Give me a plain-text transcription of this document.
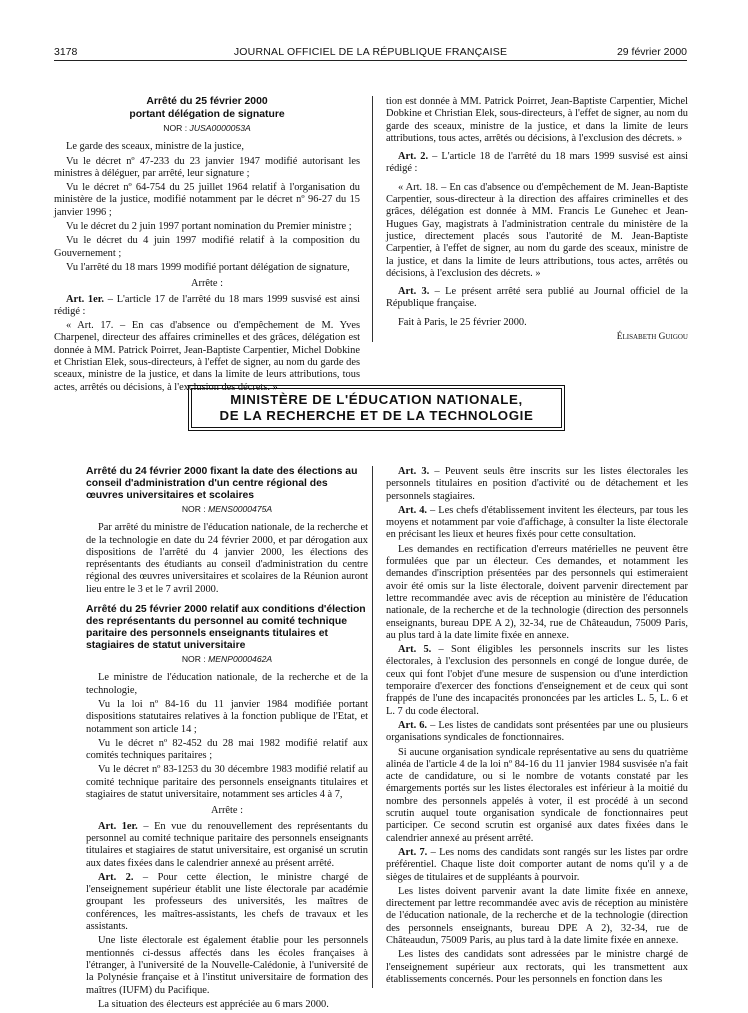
3178	JOURNAL OFFICIEL DE LA RÉPUBLIQUE FRANÇAISE	29 février 2000
Arrêté du 25 février 2000
portant délégation de signature
NOR : JUSA0000053A

Le garde des sceaux, ministre de la justice,

Vu le décret nº 47-233 du 23 janvier 1947 modifié autorisant les ministres à déléguer, par arrêté, leur signature ;

Vu le décret nº 64-754 du 25 juillet 1964 relatif à l'organisation du ministère de la justice, modifié notamment par le décret nº 96-27 du 15 janvier 1996 ;

Vu le décret du 2 juin 1997 portant nomination du Premier ministre ;

Vu le décret du 4 juin 1997 modifié relatif à la composition du Gouvernement ;

Vu l'arrêté du 18 mars 1999 modifié portant délégation de signature,

Arrête :

Art. 1er. – L'article 17 de l'arrêté du 18 mars 1999 susvisé est ainsi rédigé :

« Art. 17. – En cas d'absence ou d'empêchement de M. Yves Charpenel, directeur des affaires criminelles et des grâces, délégation est donnée à MM. Patrick Poirret, Jean-Baptiste Carpentier, Michel Dobkine et Christian Elek, sous-directeurs, à l'effet de signer, au nom du garde des sceaux, ministre de la justice, et dans la limite de leurs attributions, tous actes, arrêtés ou décisions, à l'exclusion des décrets. »

tion est donnée à MM. Patrick Poirret, Jean-Baptiste Carpentier, Michel Dobkine et Christian Elek, sous-directeurs, à l'effet de signer, au nom du garde des sceaux, ministre de la justice, et dans la limite de leurs attributions, tous actes, arrêtés ou décisions, à l'exclusion des décrets. »

Art. 2. – L'article 18 de l'arrêté du 18 mars 1999 susvisé est ainsi rédigé :

« Art. 18. – En cas d'absence ou d'empêchement de M. Jean-Baptiste Carpentier, sous-directeur à la direction des affaires criminelles et des grâces, délégation est donnée à MM. Francis Le Gunehec et Jean-Hugues Gay, magistrats à l'administration centrale du ministère de la justice, directement placés sous l'autorité de M. Jean-Baptiste Carpentier, à l'effet de signer, au nom du garde des sceaux, ministre de la justice, et dans la limite de leurs attributions, tous actes, arrêtés ou décisions, à l'exclusion des décrets. »

Art. 3. – Le présent arrêté sera publié au Journal officiel de la République française.

Fait à Paris, le 25 février 2000.

Élisabeth Guigou

MINISTÈRE DE L'ÉDUCATION NATIONALE,
DE LA RECHERCHE ET DE LA TECHNOLOGIE
Arrêté du 24 février 2000 fixant la date des élections au conseil d'administration d'un centre régional des œuvres universitaires et scolaires
NOR : MENS0000475A

Par arrêté du ministre de l'éducation nationale, de la recherche et de la technologie en date du 24 février 2000, et par dérogation aux dispositions de l'arrêté du 4 janvier 2000, les élections des représentants des étudiants au conseil d'administration du centre régional des œuvres universitaires et scolaires de la Réunion auront lieu entre le 3 et le 7 avril 2000.

Arrêté du 25 février 2000 relatif aux conditions d'élection des représentants du personnel au comité technique paritaire des personnels enseignants titulaires et stagiaires de statut universitaire
NOR : MENP0000462A

Le ministre de l'éducation nationale, de la recherche et de la technologie,

Vu la loi nº 84-16 du 11 janvier 1984 modifiée portant dispositions statutaires relatives à la fonction publique de l'Etat, et notamment son article 14 ;

Vu le décret nº 82-452 du 28 mai 1982 modifié relatif aux comités techniques paritaires ;

Vu le décret nº 83-1253 du 30 décembre 1983 modifié relatif au comité technique paritaire des personnels enseignants titulaires et stagiaires de statut universitaire, notamment ses articles 4 à 7,

Arrête :

Art. 1er. – En vue du renouvellement des représentants du personnel au comité technique paritaire des personnels enseignants titulaires et stagiaires de statut universitaire, est organisé un scrutin aux dates fixées dans le calendrier annexé au présent arrêté.

Art. 2. – Pour cette élection, le ministre chargé de l'enseignement supérieur établit une liste électorale par académie groupant les professeurs des universités, les maîtres de conférences, les maîtres-assistants, les chefs de travaux et les assistants.

Une liste électorale est également établie pour les personnels mentionnés ci-dessus affectés dans les écoles françaises à l'étranger, à l'université de la Nouvelle-Calédonie, à l'université de la Polynésie française et à l'institut universitaire de formation des maîtres (IUFM) du Pacifique.

La situation des électeurs est appréciée au 6 mars 2000.

Art. 3. – Peuvent seuls être inscrits sur les listes électorales les personnels titulaires en position d'activité ou de détachement et les personnels stagiaires.

Art. 4. – Les chefs d'établissement invitent les électeurs, par tous les moyens et notamment par voie d'affichage, à consulter la liste électorale en précisant les lieux et heures fixés pour cette consultation.

Les demandes en rectification d'erreurs matérielles ne peuvent être formulées que par un électeur. Ces demandes, et notamment les demandes d'inscription présentées par des personnels qui estimeraient avoir été omis sur la liste électorale, doivent parvenir directement par lettre recommandée avec avis de réception au ministère de l'éducation nationale, de la recherche et de la technologie (direction des personnels enseignants, bureau DPE A 2), 32-34, rue de Châteaudun, 75009 Paris, au plus tard à la date limite fixée en annexe.

Art. 5. – Sont éligibles les personnels inscrits sur les listes électorales, à l'exclusion des personnels en congé de longue durée, de ceux qui font l'objet d'une mesure de suspension ou d'une interdiction temporaire d'exercer des fonctions d'enseignement et de ceux qui sont frappés de l'une des incapacités prononcées par les articles L. 5, L. 6 et L. 7 du code électoral.

Art. 6. – Les listes de candidats sont présentées par une ou plusieurs organisations syndicales de fonctionnaires.

Si aucune organisation syndicale représentative au sens du quatrième alinéa de l'article 4 de la loi nº 84-16 du 11 janvier 1984 susvisée n'a fait acte de candidature, ou si le nombre de votants constaté par les émargements portés sur les listes électorales est inférieur à la moitié du nombre des personnels appelés à voter, il est procédé à un second scrutin auquel toute organisation syndicale de fonctionnaires peut participer. Ce second scrutin est organisé aux dates fixées dans le calendrier annexé au présent arrêté.

Art. 7. – Les noms des candidats sont rangés sur les listes par ordre préférentiel. Chaque liste doit comporter autant de noms qu'il y a de sièges de titulaires et de suppléants à pourvoir.

Les listes doivent parvenir avant la date limite fixée en annexe, directement par lettre recommandée avec avis de réception au ministère de l'éducation nationale, de la recherche et de la technologie (direction des personnels enseignants, bureau DPE A 2), 32-34, rue de Châteaudun, 75009 Paris, au plus tard à la date limite fixée en annexe.

Les listes des candidats sont adressées par le ministre chargé de l'enseignement supérieur aux rectorats, qui les transmettent aux établissements concernés. Pour les personnels en fonction dans les
